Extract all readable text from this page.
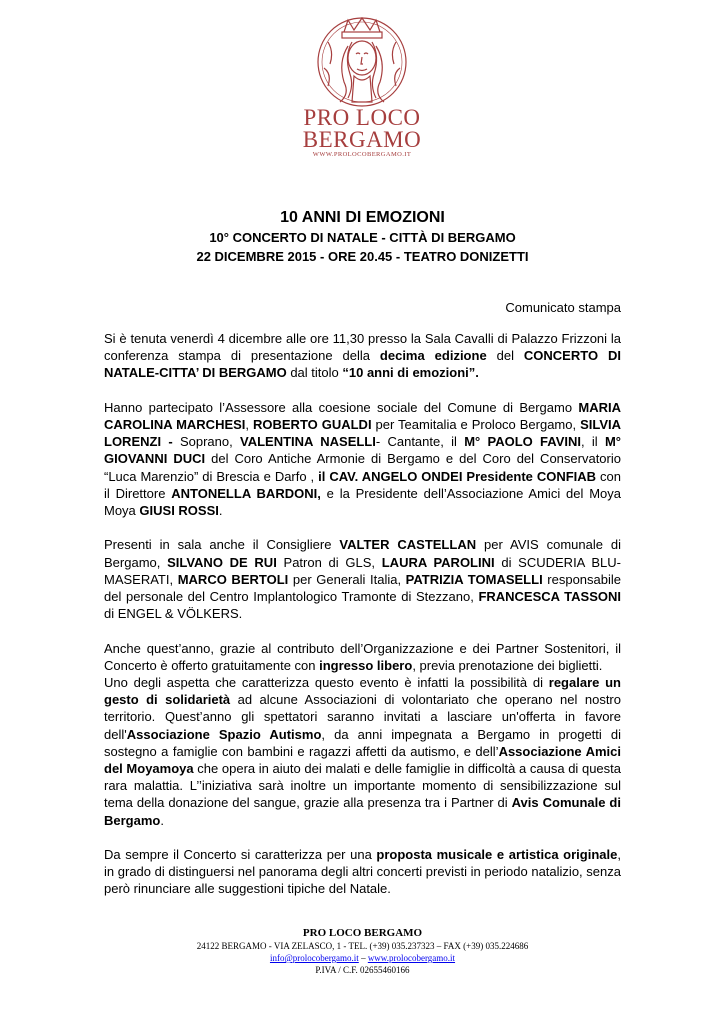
PRO LOCO
BERGAMO
WWW.PROLOCOBERGAMO.IT
10 ANNI DI EMOZIONI
10° CONCERTO DI NATALE - CITTÀ DI BERGAMO
22 DICEMBRE 2015 - ORE 20.45 - TEATRO DONIZETTI
Comunicato stampa

Si è tenuta venerdì 4 dicembre alle ore 11,30 presso la Sala Cavalli di Palazzo Frizzoni la conferenza stampa di presentazione della decima edizione del CONCERTO DI NATALE-CITTA’ DI BERGAMO dal titolo “10 anni di emozioni”.

Hanno partecipato l’Assessore alla coesione sociale del Comune di Bergamo MARIA CAROLINA MARCHESI, ROBERTO GUALDI per Teamitalia e Proloco Bergamo, SILVIA LORENZI - Soprano, VALENTINA NASELLI- Cantante, il M° PAOLO FAVINI, il M° GIOVANNI DUCI del Coro Antiche Armonie di Bergamo e del Coro del Conservatorio “Luca Marenzio” di Brescia e Darfo , il CAV. ANGELO ONDEI Presidente CONFIAB con il Direttore ANTONELLA BARDONI, e la Presidente dell’Associazione Amici del Moya Moya GIUSI ROSSI.

Presenti in sala anche il Consigliere VALTER CASTELLAN per AVIS comunale di Bergamo, SILVANO DE RUI Patron di GLS, LAURA PAROLINI di SCUDERIA BLU-MASERATI, MARCO BERTOLI per Generali Italia, PATRIZIA TOMASELLI responsabile del personale del Centro Implantologico Tramonte di Stezzano, FRANCESCA TASSONI di ENGEL & VÖLKERS.

Anche quest’anno, grazie al contributo dell’Organizzazione e dei Partner Sostenitori, il Concerto è offerto gratuitamente con ingresso libero, previa prenotazione dei biglietti.

Uno degli aspetta che caratterizza questo evento è infatti la possibilità di regalare un gesto di solidarietà ad alcune Associazioni di volontariato che operano nel nostro territorio. Quest’anno gli spettatori saranno invitati a lasciare un'offerta in favore dell'Associazione Spazio Autismo, da anni impegnata a Bergamo in progetti di sostegno a famiglie con bambini e ragazzi affetti da autismo, e dell’Associazione Amici del Moyamoya che opera in aiuto dei malati e delle famiglie in difficoltà a causa di questa rara malattia. L’’iniziativa sarà inoltre un importante momento di sensibilizzazione sul tema della donazione del sangue, grazie alla presenza tra i Partner di Avis Comunale di Bergamo.

Da sempre il Concerto si caratterizza per una proposta musicale e artistica originale, in grado di distinguersi nel panorama degli altri concerti previsti in periodo natalizio, senza però rinunciare alle suggestioni tipiche del Natale.

PRO LOCO BERGAMO
24122 BERGAMO - VIA ZELASCO, 1 - TEL. (+39) 035.237323 – FAX (+39) 035.224686
info@prolocobergamo.it – www.prolocobergamo.it
P.IVA / C.F. 02655460166
